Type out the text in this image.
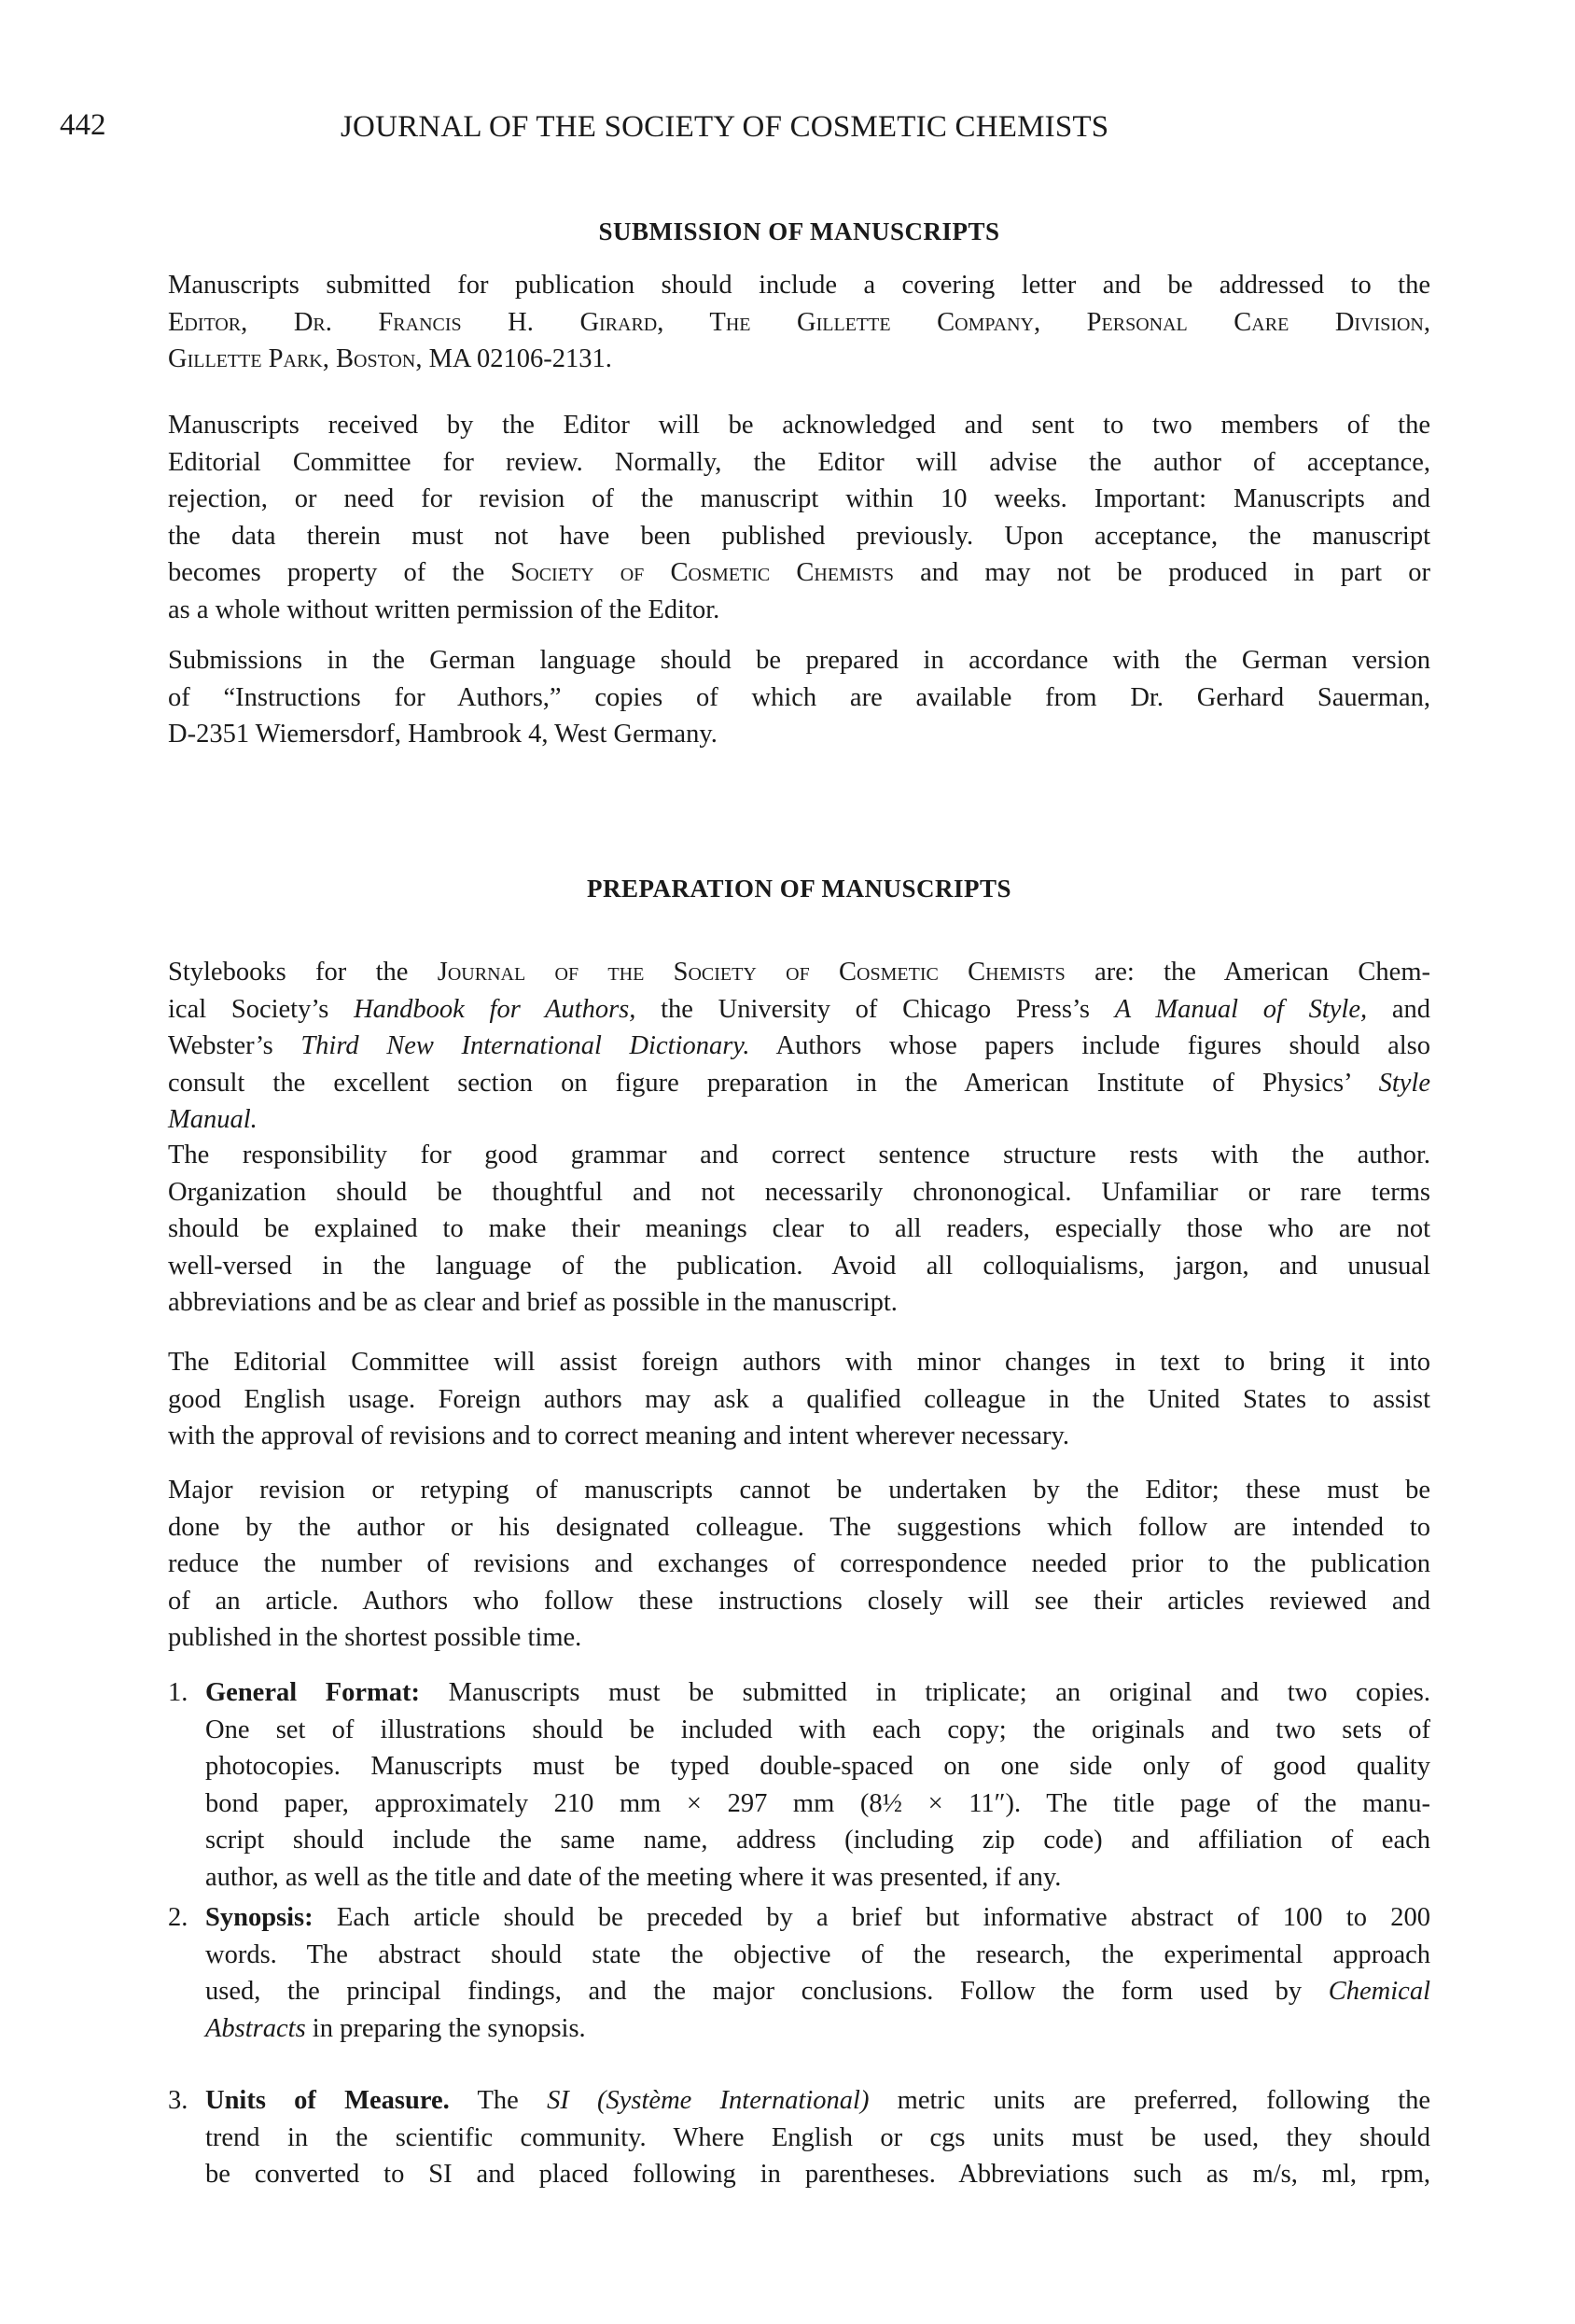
442	JOURNAL OF THE SOCIETY OF COSMETIC CHEMISTS
SUBMISSION OF MANUSCRIPTS
Manuscripts submitted for publication should include a covering letter and be addressed to the
Editor, Dr. Francis H. Girard, The Gillette Company, Personal Care Division,
Gillette Park, Boston, MA 02106-2131.
Manuscripts received by the Editor will be acknowledged and sent to two members of the
Editorial Committee for review. Normally, the Editor will advise the author of acceptance,
rejection, or need for revision of the manuscript within 10 weeks. Important: Manuscripts and
the data therein must not have been published previously. Upon acceptance, the manuscript
becomes property of the Society of Cosmetic Chemists and may not be produced in part or
as a whole without written permission of the Editor.
Submissions in the German language should be prepared in accordance with the German version
of “Instructions for Authors,” copies of which are available from Dr. Gerhard Sauerman,
D-2351 Wiemersdorf, Hambrook 4, West Germany.
PREPARATION OF MANUSCRIPTS
Stylebooks for the Journal of the Society of Cosmetic Chemists are: the American Chem-
ical Society’s Handbook for Authors, the University of Chicago Press’s A Manual of Style, and
Webster’s Third New International Dictionary. Authors whose papers include figures should also
consult the excellent section on figure preparation in the American Institute of Physics’ Style
Manual.
The responsibility for good grammar and correct sentence structure rests with the author.
Organization should be thoughtful and not necessarily chrononogical. Unfamiliar or rare terms
should be explained to make their meanings clear to all readers, especially those who are not
well-versed in the language of the publication. Avoid all colloquialisms, jargon, and unusual
abbreviations and be as clear and brief as possible in the manuscript.
The Editorial Committee will assist foreign authors with minor changes in text to bring it into
good English usage. Foreign authors may ask a qualified colleague in the United States to assist
with the approval of revisions and to correct meaning and intent wherever necessary.
Major revision or retyping of manuscripts cannot be undertaken by the Editor; these must be
done by the author or his designated colleague. The suggestions which follow are intended to
reduce the number of revisions and exchanges of correspondence needed prior to the publication
of an article. Authors who follow these instructions closely will see their articles reviewed and
published in the shortest possible time.
1. General Format: Manuscripts must be submitted in triplicate; an original and two copies.
One set of illustrations should be included with each copy; the originals and two sets of
photocopies. Manuscripts must be typed double-spaced on one side only of good quality
bond paper, approximately 210 mm × 297 mm (8½ × 11″). The title page of the manu-
script should include the same name, address (including zip code) and affiliation of each
author, as well as the title and date of the meeting where it was presented, if any.
2. Synopsis: Each article should be preceded by a brief but informative abstract of 100 to 200
words. The abstract should state the objective of the research, the experimental approach
used, the principal findings, and the major conclusions. Follow the form used by Chemical
Abstracts in preparing the synopsis.
3. Units of Measure. The SI (Système International) metric units are preferred, following the
trend in the scientific community. Where English or cgs units must be used, they should
be converted to SI and placed following in parentheses. Abbreviations such as m/s, ml, rpm,
